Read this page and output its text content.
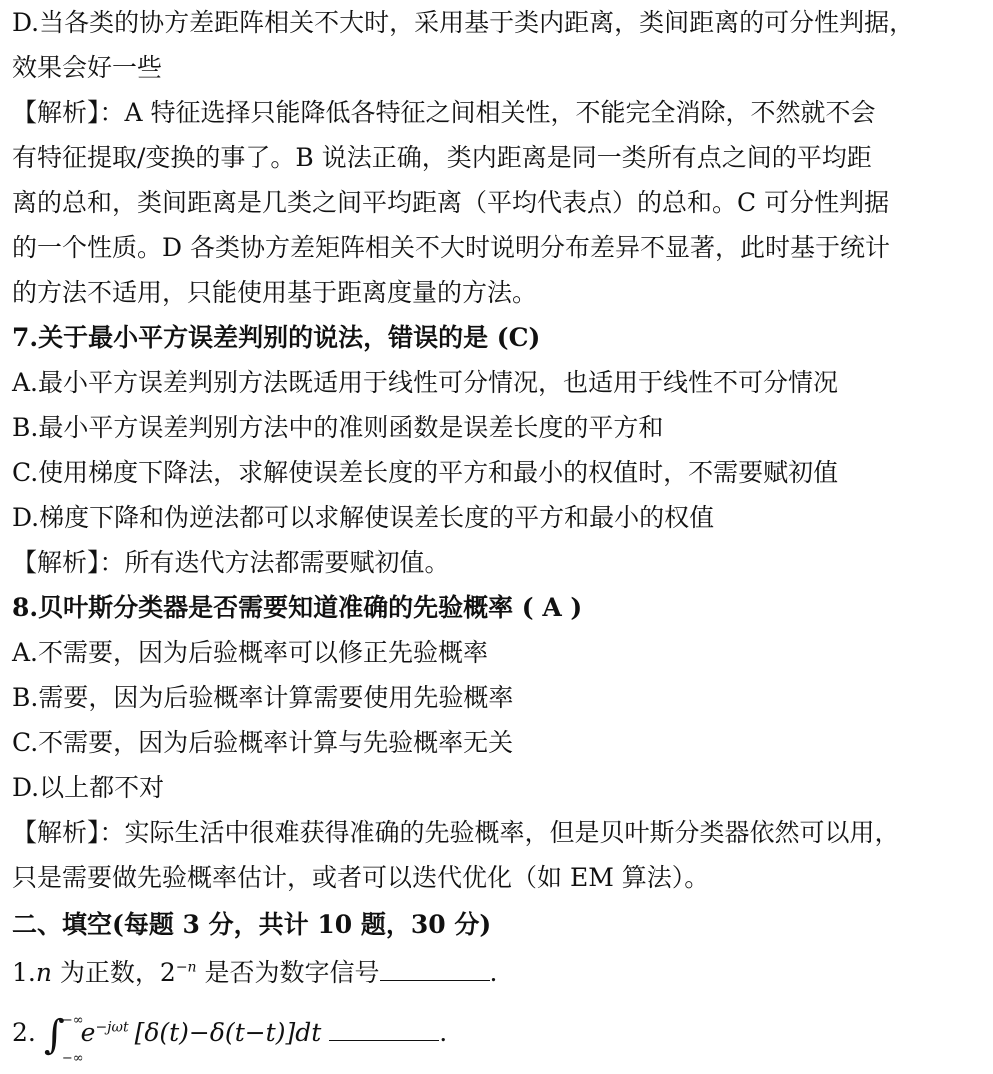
D.当各类的协方差距阵相关不大时，采用基于类内距离，类间距离的可分性判据，
效果会好一些
【解析】：A 特征选择只能降低各特征之间相关性，不能完全消除，不然就不会
有特征提取/变换的事了。B 说法正确，类内距离是同一类所有点之间的平均距
离的总和，类间距离是几类之间平均距离（平均代表点）的总和。C 可分性判据
的一个性质。D 各类协方差矩阵相关不大时说明分布差异不显著，此时基于统计
的方法不适用，只能使用基于距离度量的方法。
7.关于最小平方误差判别的说法，错误的是 (C)
A.最小平方误差判别方法既适用于线性可分情况，也适用于线性不可分情况
B.最小平方误差判别方法中的准则函数是误差长度的平方和
C.使用梯度下降法，求解使误差长度的平方和最小的权值时，不需要赋初值
D.梯度下降和伪逆法都可以求解使误差长度的平方和最小的权值
【解析】：所有迭代方法都需要赋初值。
8.贝叶斯分类器是否需要知道准确的先验概率 ( A )
A.不需要，因为后验概率可以修正先验概率
B.需要，因为后验概率计算需要使用先验概率
C.不需要，因为后验概率计算与先验概率无关
D.以上都不对
【解析】：实际生活中很难获得准确的先验概率，但是贝叶斯分类器依然可以用，
只是需要做先验概率估计，或者可以迭代优化（如 EM 算法）。
二、填空(每题 3 分，共计 10 题，30 分)
1.n 为正数，$2^{-n}$ 是否为数字信号	.
2. ∫
−∞
−∞
$e^{-j\omega t}$ [δ(t)−δ(t−t)]dt	.
